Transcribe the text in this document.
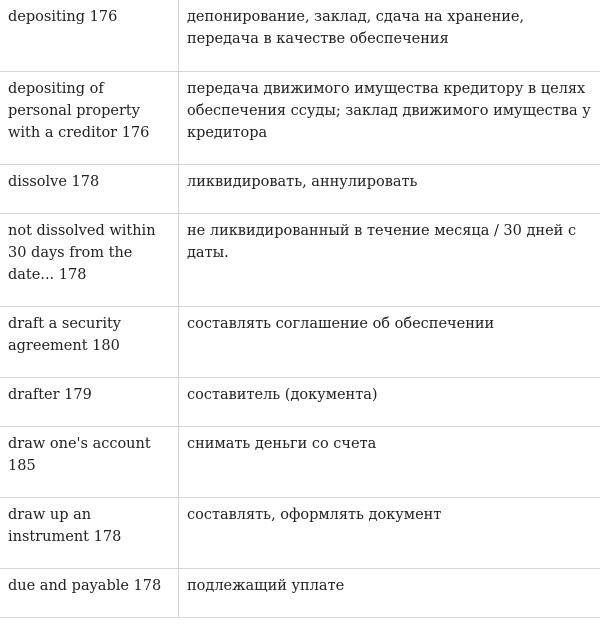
depositing 176	депонирование, заклад, сдача на хранение, передача в качестве обеспечения
depositing of personal property with a creditor 176	передача движимого имущества кредитору в целях обеспечения ссуды; заклад движимого имущества у кредитора
dissolve 178	ликвидировать, аннулировать
not dissolved within 30 days from the date... 178	не ликвидированный в течение месяца / 30 дней с даты.
draft a security agreement 180	составлять соглашение об обеспечении
drafter 179	составитель (документа)
draw one's account 185	снимать деньги со счета
draw up an instrument 178	составлять, оформлять документ
due and payable 178	подлежащий уплате
